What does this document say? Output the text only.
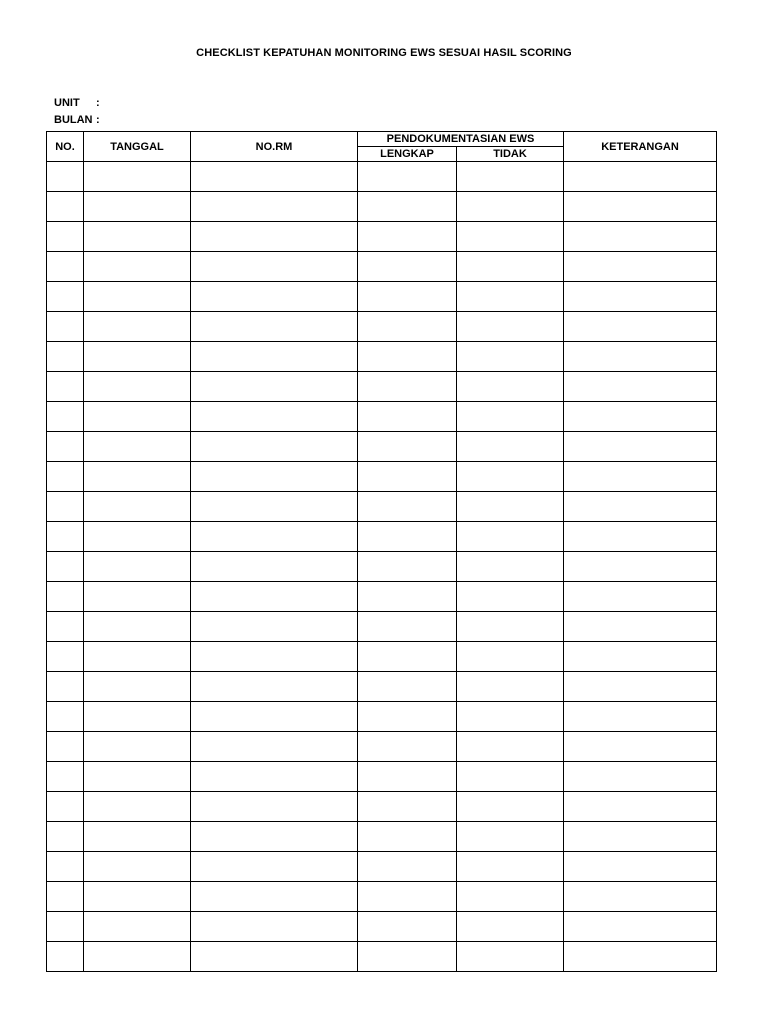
CHECKLIST KEPATUHAN MONITORING EWS SESUAI HASIL SCORING
UNIT :
BULAN :
NO.	TANGGAL	NO.RM	PENDOKUMENTASIAN EWS		KETERANGAN
			LENGKAP	TIDAK	
